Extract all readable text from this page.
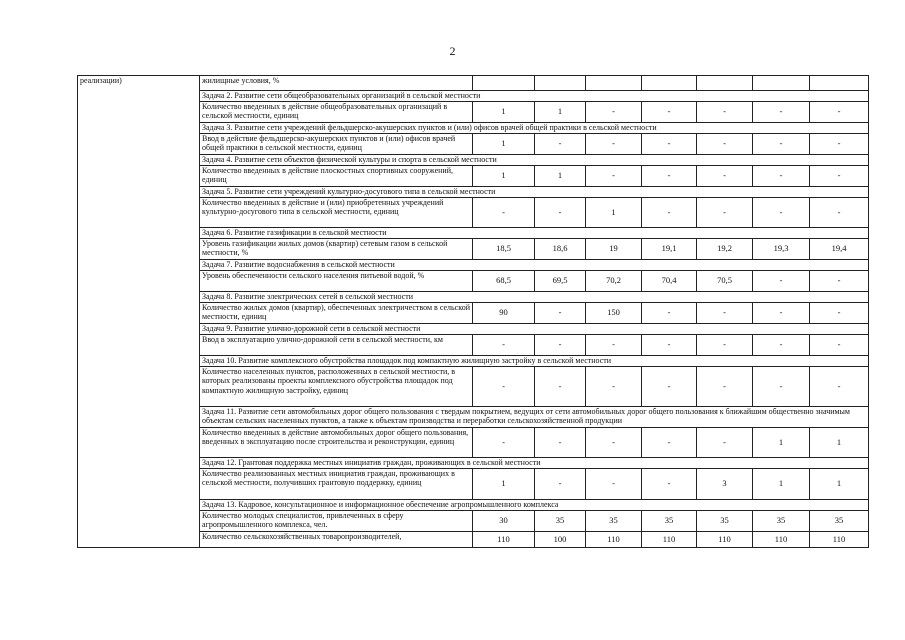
2
реализации)	жилищные условия, %							
	Задача 2. Развитие сети общеобразовательных организаций в сельской местности							
	Количество введенных в действие общеобразовательных организаций в сельской местности, единиц	1	1	-	-	-	-	-
	Задача 3. Развитие сети учреждений фельдшерско-акушерских пунктов и (или) офисов врачей общей практики в сельской местности							
	Ввод в действие фельдшерско-акушерских пунктов и (или) офисов врачей общей практики в сельской местности, единиц	1	-	-	-	-	-	-
	Задача 4. Развитие сети объектов физической культуры и спорта в сельской местности							
	Количество введенных в действие плоскостных спортивных сооружений, единиц	1	1	-	-	-	-	-
	Задача 5. Развитие сети учреждений культурно-досугового типа в сельской местности							
	Количество введенных в действие и (или) приобретенных учреждений культурно-досугового типа в сельской местности, единиц	-	-	1	-	-	-	-
	Задача 6. Развитие газификации в сельской местности							
	Уровень газификации жилых домов (квартир) сетевым газом в сельской местности, %	18,5	18,6	19	19,1	19,2	19,3	19,4
	Задача 7. Развитие водоснабжения в сельской местности							
	Уровень обеспеченности сельского населения питьевой водой, %	68,5	69,5	70,2	70,4	70,5	-	-
	Задача 8. Развитие электрических сетей в сельской местности							
	Количество жилых домов (квартир), обеспеченных электричеством в сельской местности, единиц	90	-	150	-	-	-	-
	Задача 9. Развитие улично-дорожной сети в сельской местности							
	Ввод в эксплуатацию улично-дорожной сети в сельской местности, км	-	-	-	-	-	-	-
	Задача 10. Развитие комплексного обустройства площадок под компактную жилищную застройку в сельской местности							
	Количество населенных пунктов, расположенных в сельской местности, в которых реализованы проекты комплексного обустройства площадок под компактную жилищную застройку, единиц	-	-	-	-	-	-	-
	Задача 11. Развитие сети автомобильных дорог общего пользования с твердым покрытием, ведущих от сети автомобильных дорог общего пользования к ближайшим общественно значимым объектам сельских населенных пунктов, а также к объектам производства и переработки сельскохозяйственной продукции							
	Количество введенных в действие автомобильных дорог общего пользования, введенных в эксплуатацию после строительства и реконструкции, единиц	-	-	-	-	-	1	1
	Задача 12. Грантовая поддержка местных инициатив граждан, проживающих в сельской местности							
	Количество реализованных местных инициатив граждан, проживающих в сельской местности, получивших грантовую поддержку, единиц	1	-	-	-	3	1	1
	Задача 13. Кадровое, консультационное и информационное обеспечение агропромышленного комплекса							
	Количество молодых специалистов, привлеченных в сферу агропромышленного комплекса, чел.	30	35	35	35	35	35	35
	Количество сельскохозяйственных товаропроизводителей,	110	100	110	110	110	110	110
